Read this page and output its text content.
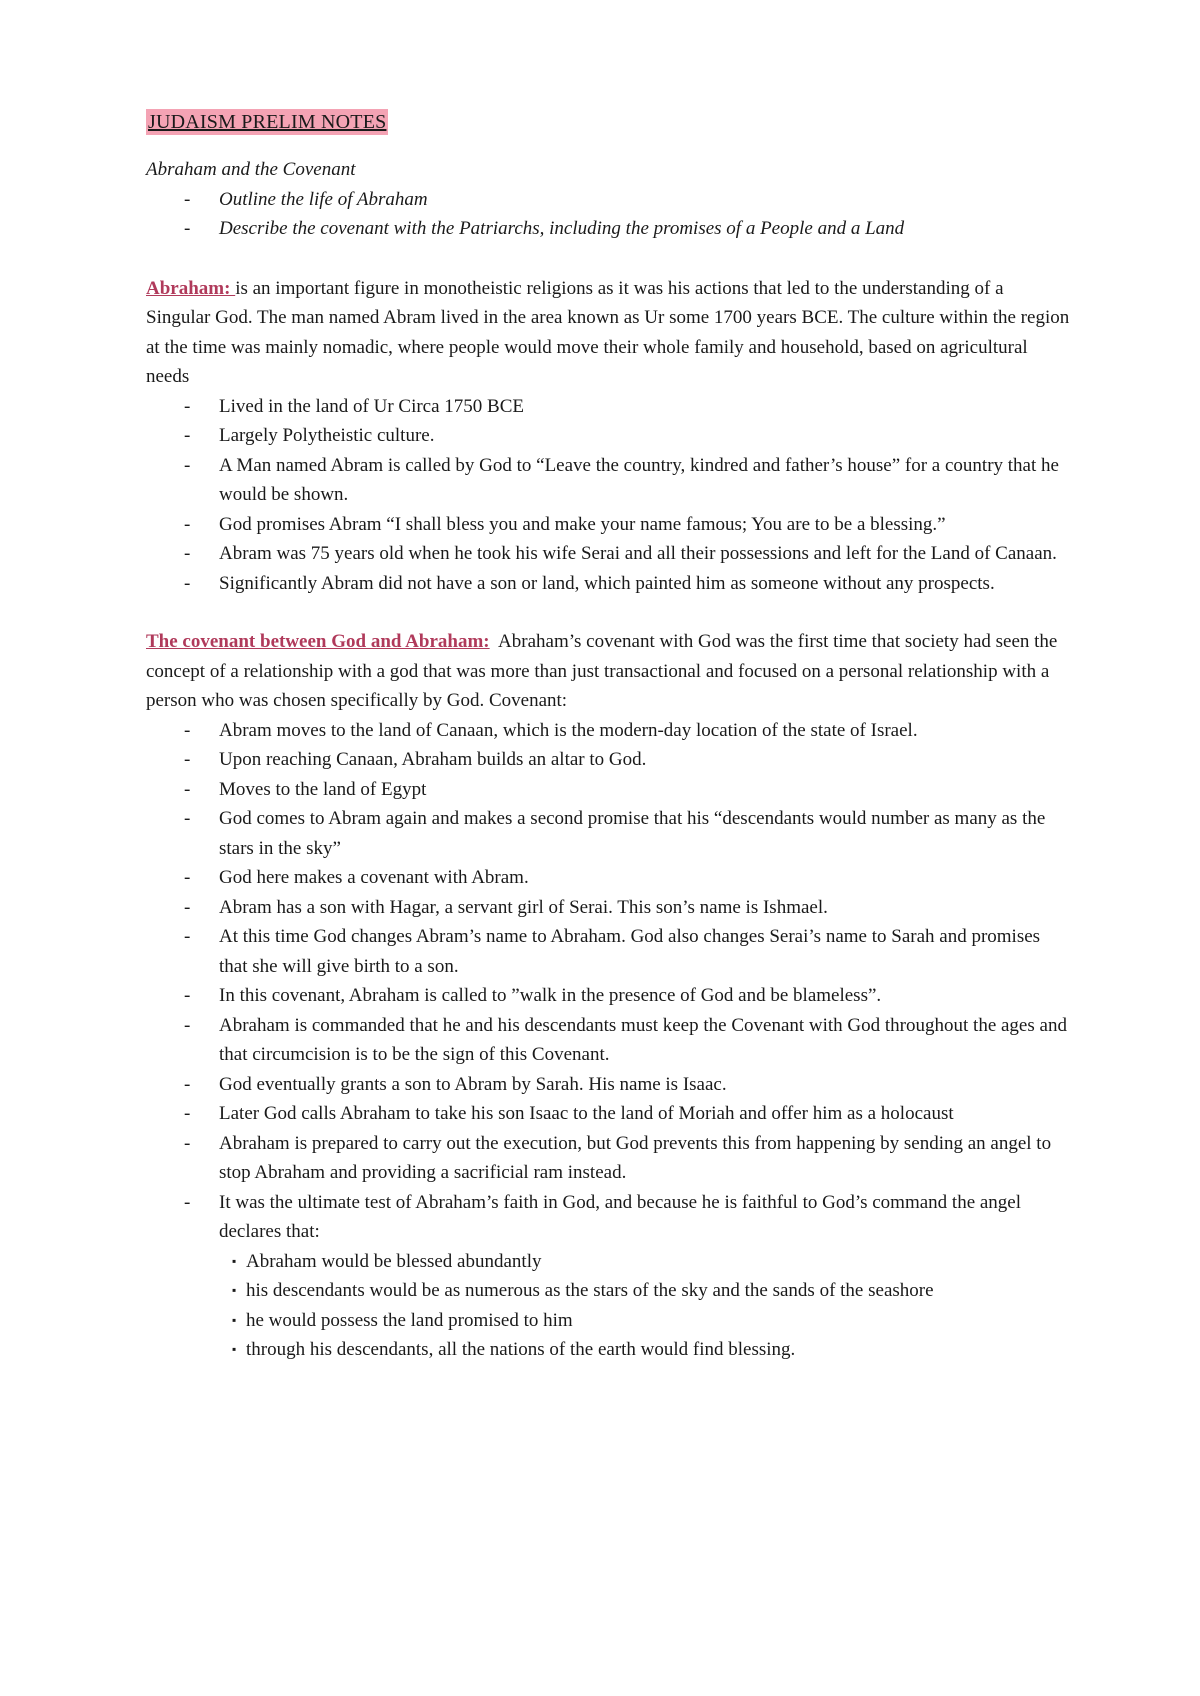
JUDAISM PRELIM NOTES

Abraham and the Covenant

- Outline the life of Abraham
- Describe the covenant with the Patriarchs, including the promises of a People and a Land

Abraham: is an important figure in monotheistic religions as it was his actions that led to the understanding of a Singular God. The man named Abram lived in the area known as Ur some 1700 years BCE. The culture within the region at the time was mainly nomadic, where people would move their whole family and household, based on agricultural needs

- Lived in the land of Ur Circa 1750 BCE
- Largely Polytheistic culture.
- A Man named Abram is called by God to “Leave the country, kindred and father’s house” for a country that he would be shown.
- God promises Abram “I shall bless you and make your name famous; You are to be a blessing.”
- Abram was 75 years old when he took his wife Serai and all their possessions and left for the Land of Canaan.
- Significantly Abram did not have a son or land, which painted him as someone without any prospects.

The covenant between God and Abraham:  Abraham’s covenant with God was the first time that society had seen the concept of a relationship with a god that was more than just transactional and focused on a personal relationship with a person who was chosen specifically by God. Covenant:

- Abram moves to the land of Canaan, which is the modern-day location of the state of Israel.
- Upon reaching Canaan, Abraham builds an altar to God.
- Moves to the land of Egypt
- God comes to Abram again and makes a second promise that his “descendants would number as many as the stars in the sky”
- God here makes a covenant with Abram.
- Abram has a son with Hagar, a servant girl of Serai. This son’s name is Ishmael.
- At this time God changes Abram’s name to Abraham. God also changes Serai’s name to Sarah and promises that she will give birth to a son.
- In this covenant, Abraham is called to ”walk in the presence of God and be blameless”.
- Abraham is commanded that he and his descendants must keep the Covenant with God throughout the ages and that circumcision is to be the sign of this Covenant.
- God eventually grants a son to Abram by Sarah. His name is Isaac.
- Later God calls Abraham to take his son Isaac to the land of Moriah and offer him as a holocaust
- Abraham is prepared to carry out the execution, but God prevents this from happening by sending an angel to stop Abraham and providing a sacrificial ram instead.
- It was the ultimate test of Abraham’s faith in God, and because he is faithful to God’s command the angel declares that:
▪ Abraham would be blessed abundantly
▪ his descendants would be as numerous as the stars of the sky and the sands of the seashore
▪ he would possess the land promised to him
▪ through his descendants, all the nations of the earth would find blessing.
